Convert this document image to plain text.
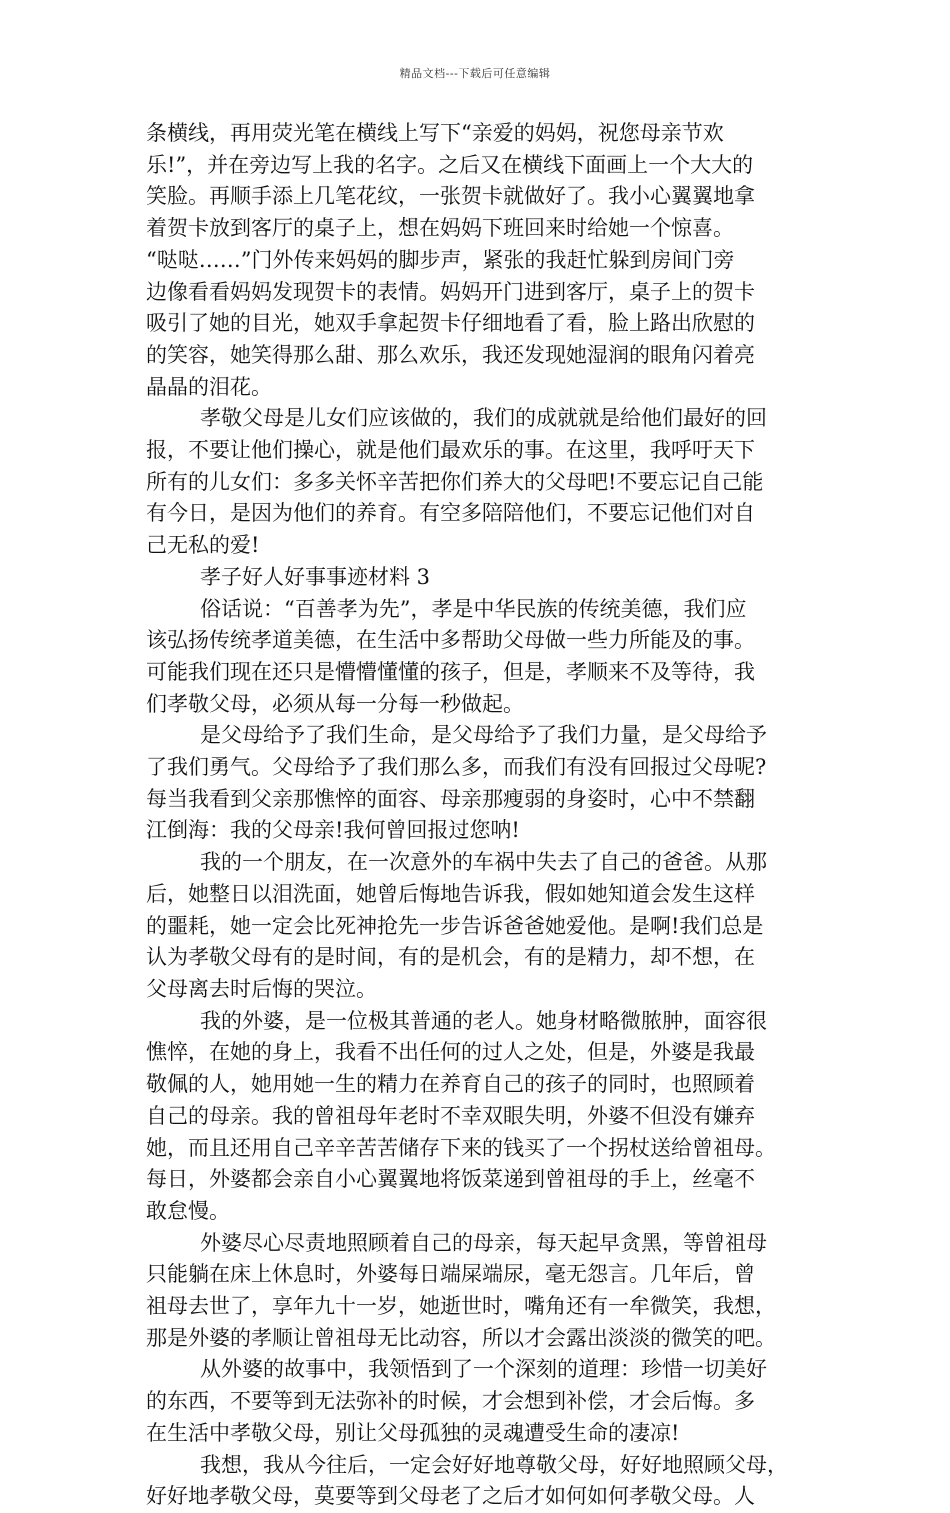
精品文档---下载后可任意编辑
条横线，再用荧光笔在横线上写下“亲爱的妈妈，祝您母亲节欢
乐!”，并在旁边写上我的名字。之后又在横线下面画上一个大大的
笑脸。再顺手添上几笔花纹，一张贺卡就做好了。我小心翼翼地拿
着贺卡放到客厅的桌子上，想在妈妈下班回来时给她一个惊喜。
“哒哒……”门外传来妈妈的脚步声，紧张的我赶忙躲到房间门旁
边像看看妈妈发现贺卡的表情。妈妈开门进到客厅，桌子上的贺卡
吸引了她的目光，她双手拿起贺卡仔细地看了看，脸上路出欣慰的
的笑容，她笑得那么甜、那么欢乐，我还发现她湿润的眼角闪着亮
晶晶的泪花。
孝敬父母是儿女们应该做的，我们的成就就是给他们最好的回
报，不要让他们操心，就是他们最欢乐的事。在这里，我呼吁天下
所有的儿女们：多多关怀辛苦把你们养大的父母吧!不要忘记自己能
有今日，是因为他们的养育。有空多陪陪他们，不要忘记他们对自
己无私的爱!
孝子好人好事事迹材料 3
俗话说：“百善孝为先”，孝是中华民族的传统美德，我们应
该弘扬传统孝道美德，在生活中多帮助父母做一些力所能及的事。
可能我们现在还只是懵懵懂懂的孩子，但是，孝顺来不及等待，我
们孝敬父母，必须从每一分每一秒做起。
是父母给予了我们生命，是父母给予了我们力量，是父母给予
了我们勇气。父母给予了我们那么多，而我们有没有回报过父母呢?
每当我看到父亲那憔悴的面容、母亲那瘦弱的身姿时，心中不禁翻
江倒海：我的父母亲!我何曾回报过您呐!
我的一个朋友，在一次意外的车祸中失去了自己的爸爸。从那
后，她整日以泪洗面，她曾后悔地告诉我，假如她知道会发生这样
的噩耗，她一定会比死神抢先一步告诉爸爸她爱他。是啊!我们总是
认为孝敬父母有的是时间，有的是机会，有的是精力，却不想，在
父母离去时后悔的哭泣。
我的外婆，是一位极其普通的老人。她身材略微脓肿，面容很
憔悴，在她的身上，我看不出任何的过人之处，但是，外婆是我最
敬佩的人，她用她一生的精力在养育自己的孩子的同时，也照顾着
自己的母亲。我的曾祖母年老时不幸双眼失明，外婆不但没有嫌弃
她，而且还用自己辛辛苦苦储存下来的钱买了一个拐杖送给曾祖母。
每日，外婆都会亲自小心翼翼地将饭菜递到曾祖母的手上，丝毫不
敢怠慢。
外婆尽心尽责地照顾着自己的母亲，每天起早贪黑，等曾祖母
只能躺在床上休息时，外婆每日端屎端尿，毫无怨言。几年后，曾
祖母去世了，享年九十一岁，她逝世时，嘴角还有一牟微笑，我想，
那是外婆的孝顺让曾祖母无比动容，所以才会露出淡淡的微笑的吧。
从外婆的故事中，我领悟到了一个深刻的道理：珍惜一切美好
的东西，不要等到无法弥补的时候，才会想到补偿，才会后悔。多
在生活中孝敬父母，别让父母孤独的灵魂遭受生命的凄凉!
我想，我从今往后，一定会好好地尊敬父母，好好地照顾父母，
好好地孝敬父母，莫要等到父母老了之后才如何如何孝敬父母。人
